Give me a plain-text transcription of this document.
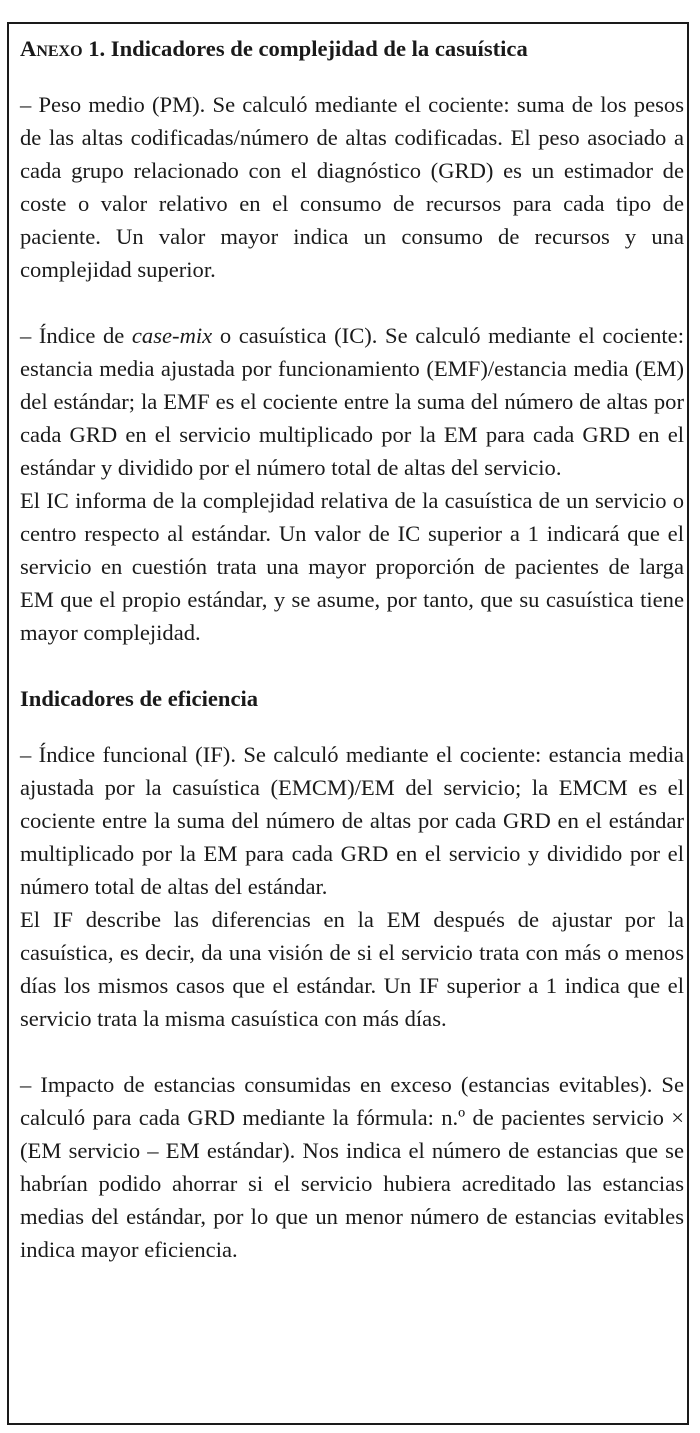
Anexo 1. Indicadores de complejidad de la casuística

– Peso medio (PM). Se calculó mediante el cociente: suma de los pesos de las altas codificadas/número de altas codificadas. El peso asociado a cada grupo relacionado con el diagnóstico (GRD) es un estimador de coste o valor relativo en el consumo de recursos para cada tipo de paciente. Un valor mayor indica un consumo de recursos y una complejidad superior.

– Índice de case-mix o casuística (IC). Se calculó mediante el cociente: estancia media ajustada por funcionamiento (EMF)/estancia media (EM) del estándar; la EMF es el cociente entre la suma del número de altas por cada GRD en el servicio multiplicado por la EM para cada GRD en el estándar y dividido por el número total de altas del servicio.

El IC informa de la complejidad relativa de la casuística de un servicio o centro respecto al estándar. Un valor de IC superior a 1 indicará que el servicio en cuestión trata una mayor proporción de pacientes de larga EM que el propio estándar, y se asume, por tanto, que su casuística tiene mayor complejidad.

Indicadores de eficiencia

– Índice funcional (IF). Se calculó mediante el cociente: estancia media ajustada por la casuística (EMCM)/EM del servicio; la EMCM es el cociente entre la suma del número de altas por cada GRD en el estándar multiplicado por la EM para cada GRD en el servicio y dividido por el número total de altas del estándar.

El IF describe las diferencias en la EM después de ajustar por la casuística, es decir, da una visión de si el servicio trata con más o menos días los mismos casos que el estándar. Un IF superior a 1 indica que el servicio trata la misma casuística con más días.

– Impacto de estancias consumidas en exceso (estancias evitables). Se calculó para cada GRD mediante la fórmula: n.º de pacientes servicio × (EM servicio – EM estándar). Nos indica el número de estancias que se habrían podido ahorrar si el servicio hubiera acreditado las estancias medias del estándar, por lo que un menor número de estancias evitables indica mayor eficiencia.
